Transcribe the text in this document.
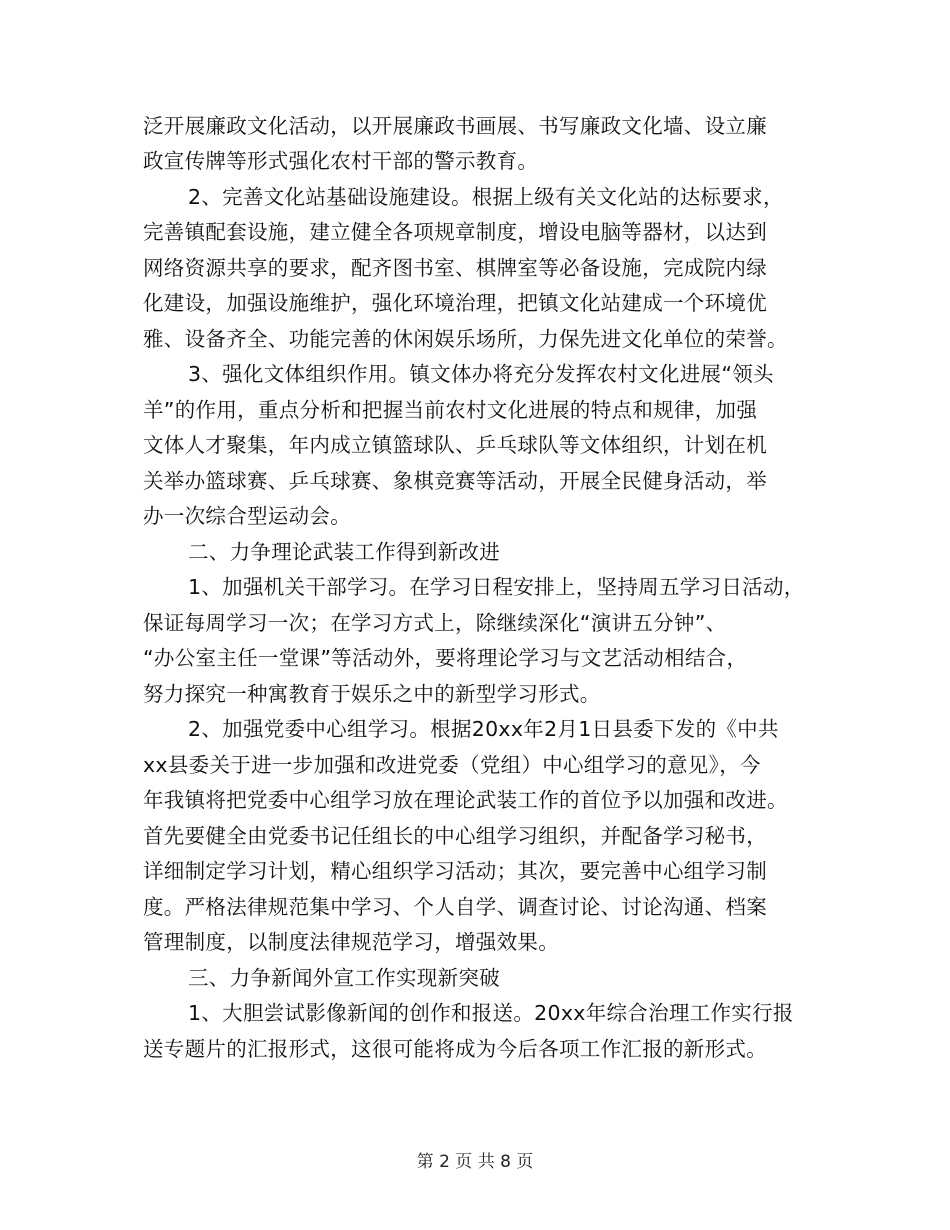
泛开展廉政文化活动，以开展廉政书画展、书写廉政文化墙、设立廉
政宣传牌等形式强化农村干部的警示教育。
2、完善文化站基础设施建设。根据上级有关文化站的达标要求，
完善镇配套设施，建立健全各项规章制度，增设电脑等器材，以达到
网络资源共享的要求，配齐图书室、棋牌室等必备设施，完成院内绿
化建设，加强设施维护，强化环境治理，把镇文化站建成一个环境优
雅、设备齐全、功能完善的休闲娱乐场所，力保先进文化单位的荣誉。
3、强化文体组织作用。镇文体办将充分发挥农村文化进展“领头
羊”的作用，重点分析和把握当前农村文化进展的特点和规律，加强
文体人才聚集，年内成立镇篮球队、乒乓球队等文体组织，计划在机
关举办篮球赛、乒乓球赛、象棋竞赛等活动，开展全民健身活动，举
办一次综合型运动会。
二、力争理论武装工作得到新改进
1、加强机关干部学习。在学习日程安排上，坚持周五学习日活动，
保证每周学习一次；在学习方式上，除继续深化“演讲五分钟”、
“办公室主任一堂课”等活动外，要将理论学习与文艺活动相结合，
努力探究一种寓教育于娱乐之中的新型学习形式。
2、加强党委中心组学习。根据20xx年2月1日县委下发的《中共
xx县委关于进一步加强和改进党委（党组）中心组学习的意见》，今
年我镇将把党委中心组学习放在理论武装工作的首位予以加强和改进。
首先要健全由党委书记任组长的中心组学习组织，并配备学习秘书，
详细制定学习计划，精心组织学习活动；其次，要完善中心组学习制
度。严格法律规范集中学习、个人自学、调查讨论、讨论沟通、档案
管理制度，以制度法律规范学习，增强效果。
三、力争新闻外宣工作实现新突破
1、大胆尝试影像新闻的创作和报送。20xx年综合治理工作实行报
送专题片的汇报形式，这很可能将成为今后各项工作汇报的新形式。
第 2 页 共 8 页
